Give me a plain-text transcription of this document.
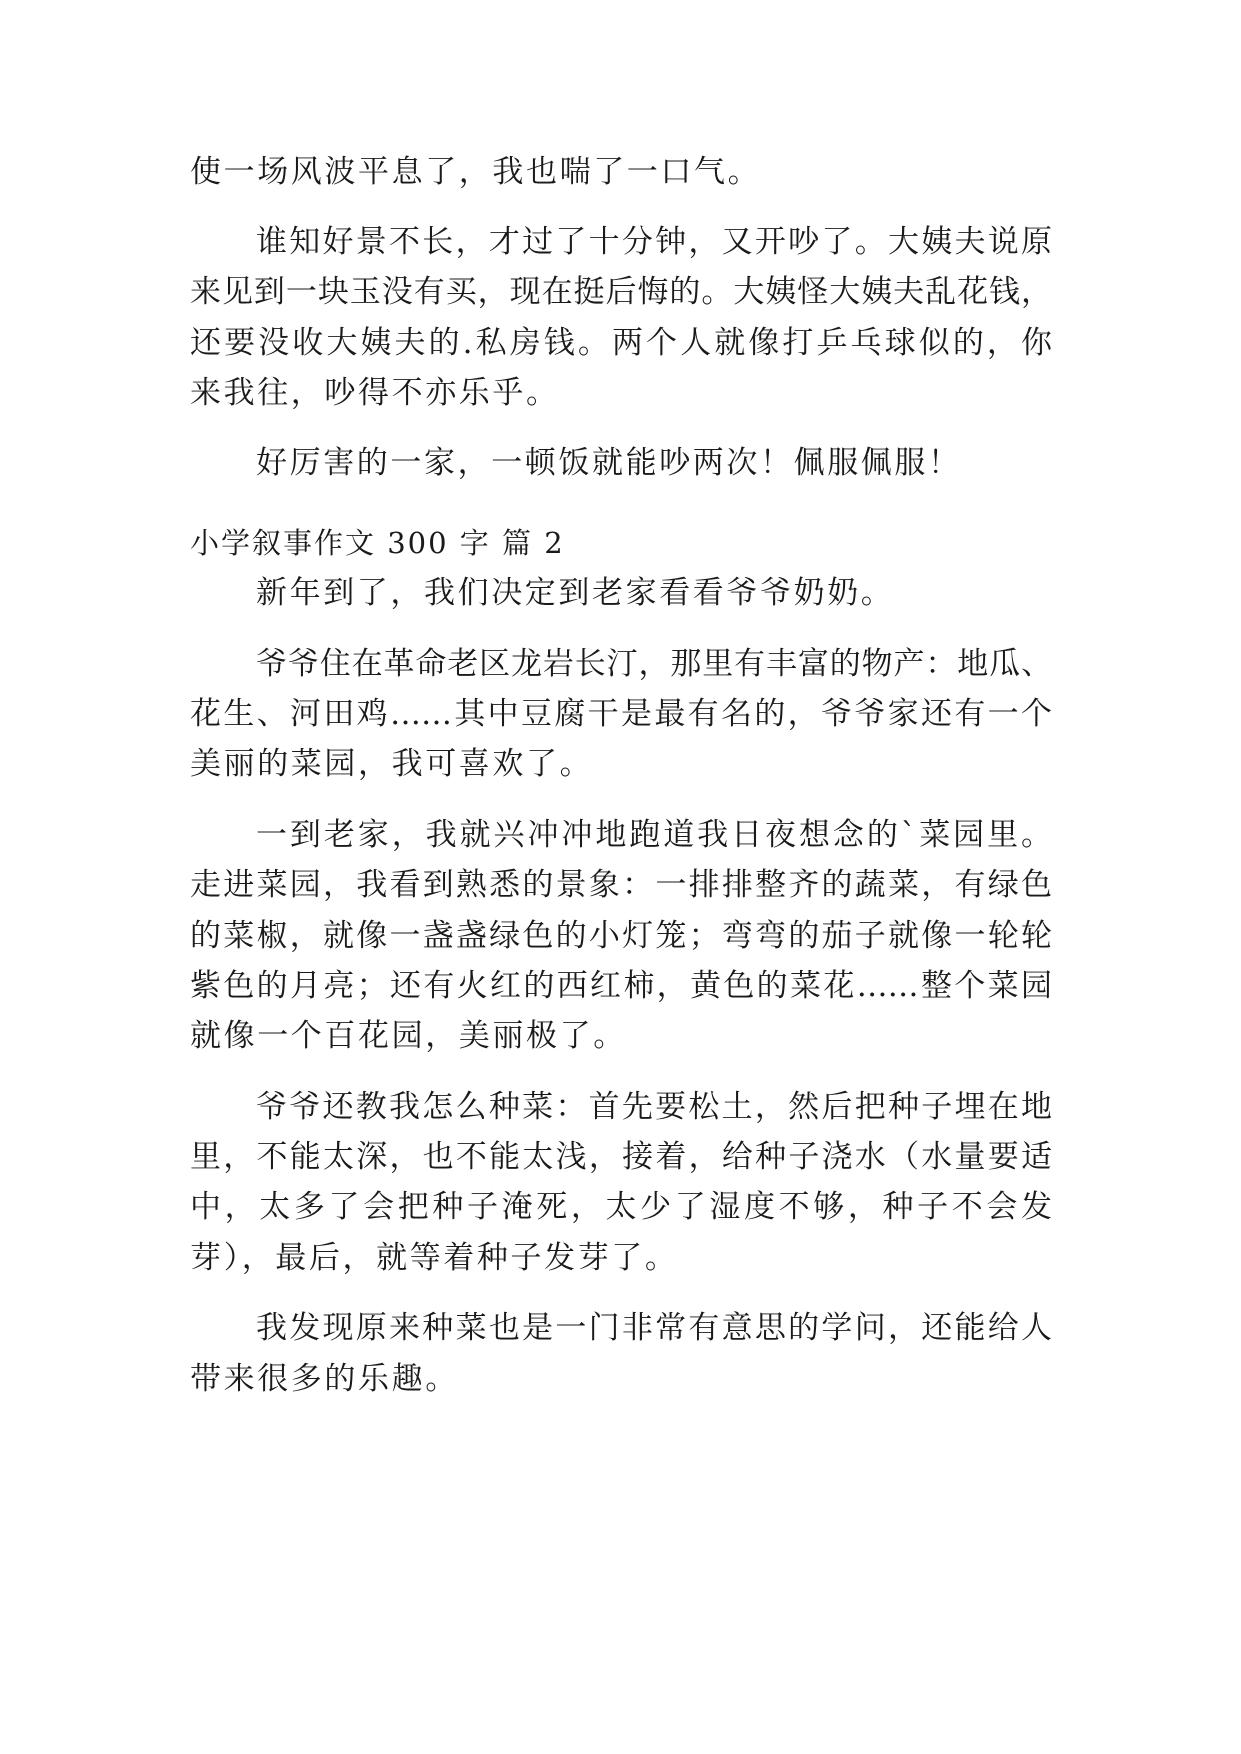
使一场风波平息了，我也喘了一口气。
谁知好景不长，才过了十分钟，又开吵了。大姨夫说原
来见到一块玉没有买，现在挺后悔的。大姨怪大姨夫乱花钱，
还要没收大姨夫的.私房钱。两个人就像打乒乓球似的，你
来我往，吵得不亦乐乎。
好厉害的一家，一顿饭就能吵两次！佩服佩服！
小学叙事作文 300 字 篇 2
新年到了，我们决定到老家看看爷爷奶奶。
爷爷住在革命老区龙岩长汀，那里有丰富的物产：地瓜、
花生、河田鸡……其中豆腐干是最有名的，爷爷家还有一个
美丽的菜园，我可喜欢了。
一到老家，我就兴冲冲地跑道我日夜想念的`菜园里。
走进菜园，我看到熟悉的景象：一排排整齐的蔬菜，有绿色
的菜椒，就像一盏盏绿色的小灯笼；弯弯的茄子就像一轮轮
紫色的月亮；还有火红的西红柿，黄色的菜花……整个菜园
就像一个百花园，美丽极了。
爷爷还教我怎么种菜：首先要松土，然后把种子埋在地
里，不能太深，也不能太浅，接着，给种子浇水（水量要适
中，太多了会把种子淹死，太少了湿度不够，种子不会发
芽），最后，就等着种子发芽了。
我发现原来种菜也是一门非常有意思的学问，还能给人
带来很多的乐趣。
